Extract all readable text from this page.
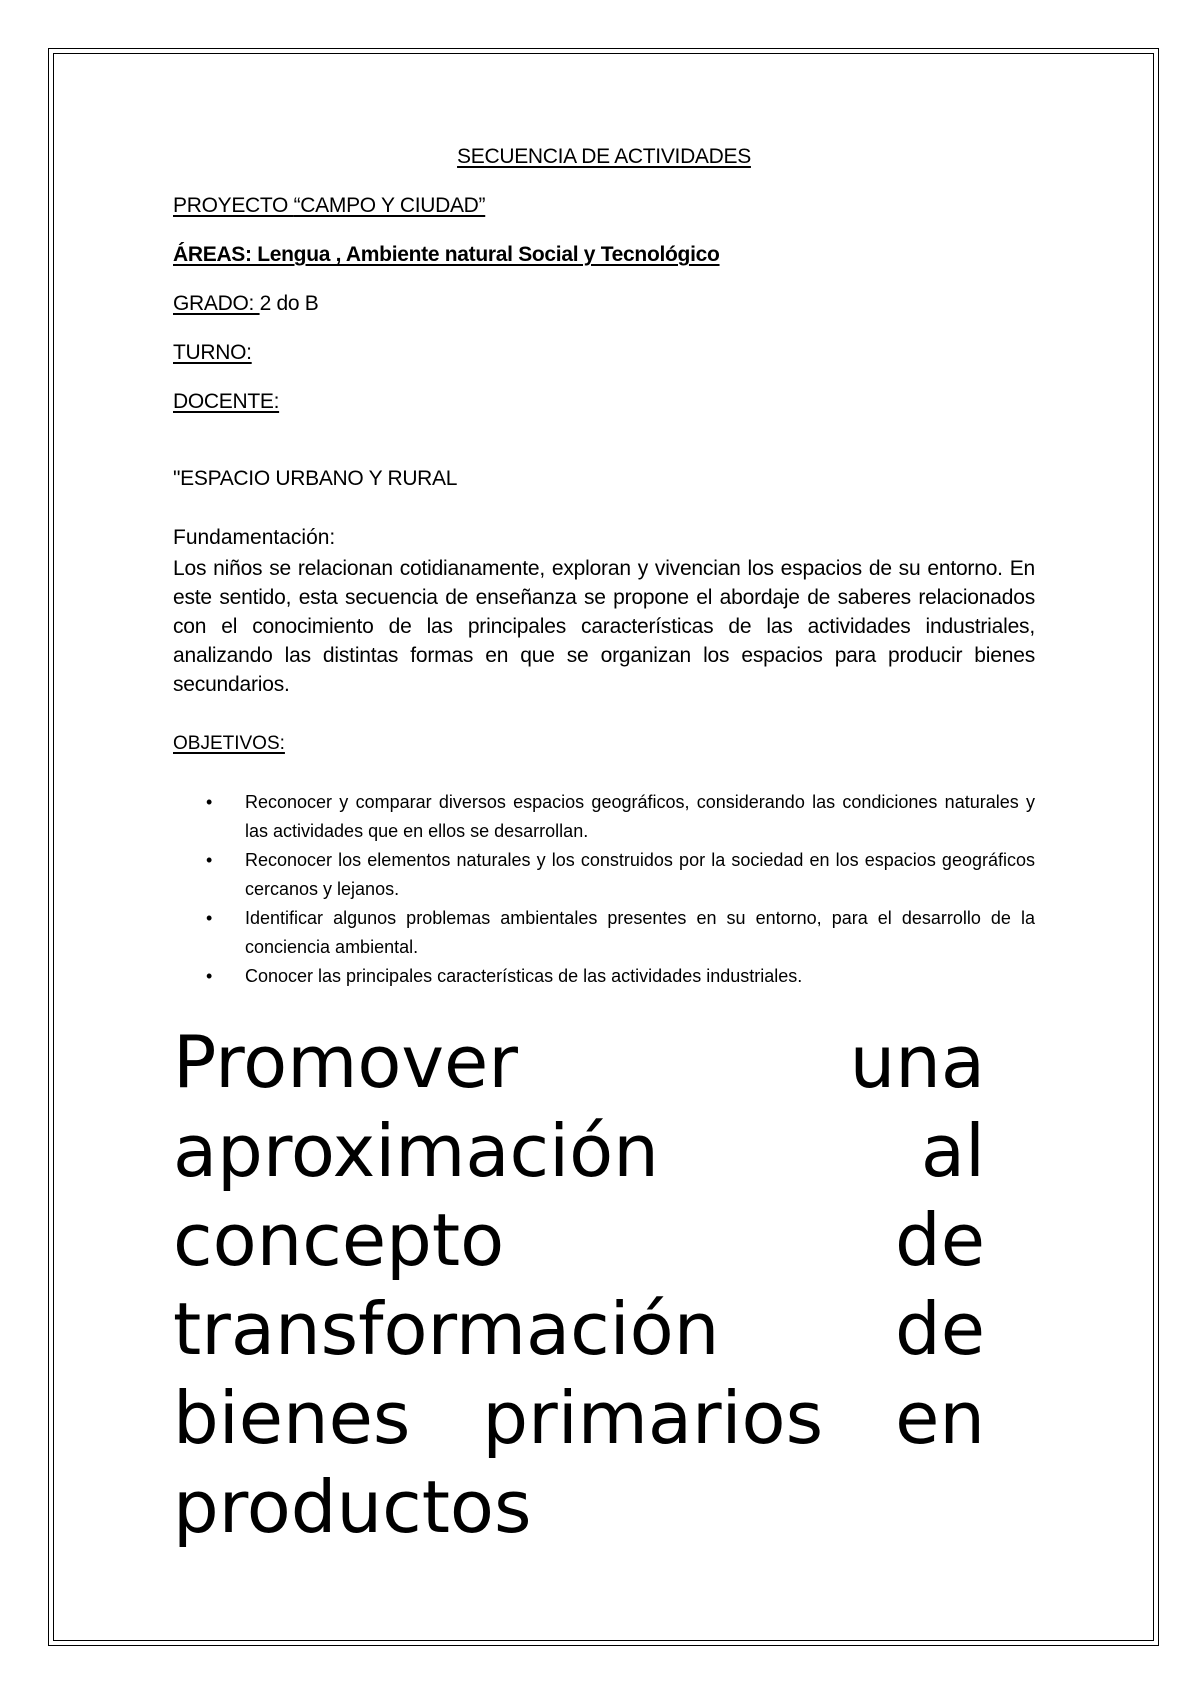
SECUENCIA DE ACTIVIDADES
PROYECTO “CAMPO Y CIUDAD”
ÁREAS: Lengua , Ambiente natural Social y Tecnológico
GRADO: 2 do B
TURNO:
DOCENTE:
"ESPACIO URBANO Y RURAL
Fundamentación:
Los niños se relacionan cotidianamente, exploran y vivencian los espacios de su entorno. En este sentido, esta secuencia de enseñanza se propone el abordaje de saberes relacionados con el conocimiento de las principales características de las actividades industriales, analizando las distintas formas en que se organizan los espacios para producir bienes secundarios.
OBJETIVOS:
• Reconocer y comparar diversos espacios geográficos, considerando las condiciones naturales y las actividades que en ellos se desarrollan.
• Reconocer los elementos naturales y los construidos por la sociedad en los espacios geográficos cercanos y lejanos.
• Identificar algunos problemas ambientales presentes en su entorno, para el desarrollo de la conciencia ambiental.
• Conocer las principales características de las actividades industriales.
Promover una aproximación al concepto de transformación de bienes primarios en productos
